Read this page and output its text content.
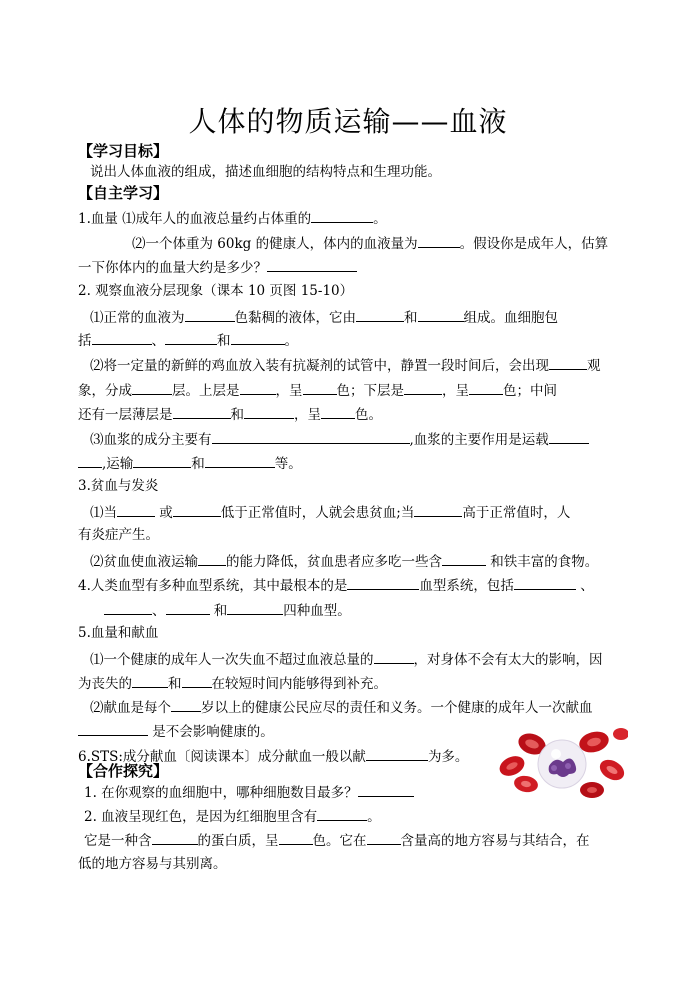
人体的物质运输——血液
【学习目标】
说出人体血液的组成，描述血细胞的结构特点和生理功能。
【自主学习】
1.血量 ⑴成年人的血液总量约占体重的	。
⑵一个体重为 60kg 的健康人，体内的血液量为	。假设你是成年人，估算
一下你体内的血量大约是多少？
2. 观察血液分层现象（课本 10 页图 15-10）
⑴正常的血液为	色黏稠的液体，它由	和	组成。血细胞包
括	、	和	。
⑵将一定量的新鲜的鸡血放入装有抗凝剂的试管中，静置一段时间后，会出现	观
象，分成	层。上层是	，呈	色；下层是	，呈	色；中间
还有一层薄层是	和	，呈	色。
⑶血浆的成分主要有	,血浆的主要作用是运载
,运输	和	等。
3.贫血与发炎
⑴当	或	低于正常值时，人就会患贫血;当	高于正常值时，人
有炎症产生。
⑵贫血使血液运输 的能力降低，贫血患者应多吃一些含	和铁丰富的食物。
4.人类血型有多种血型系统，其中最根本的是	血型系统，包括	、
、	和	四种血型。
5.血量和献血
⑴一个健康的成年人一次失血不超过血液总量的	，对身体不会有太大的影响，因
为丧失的	和 在较短时间内能够得到补充。
⑵献血是每个 岁以上的健康公民应尽的责任和义务。一个健康的成年人一次献血
是不会影响健康的。
6.STS:成分献血〔阅读课本〕成分献血一般以献	为多。
【合作探究】
1. 在你观察的血细胞中，哪种细胞数目最多？
2. 血液呈现红色，是因为红细胞里含有	。
它是一种含	的蛋白质，呈	色。它在	含量高的地方容易与其结合，在
低的地方容易与其别离。
